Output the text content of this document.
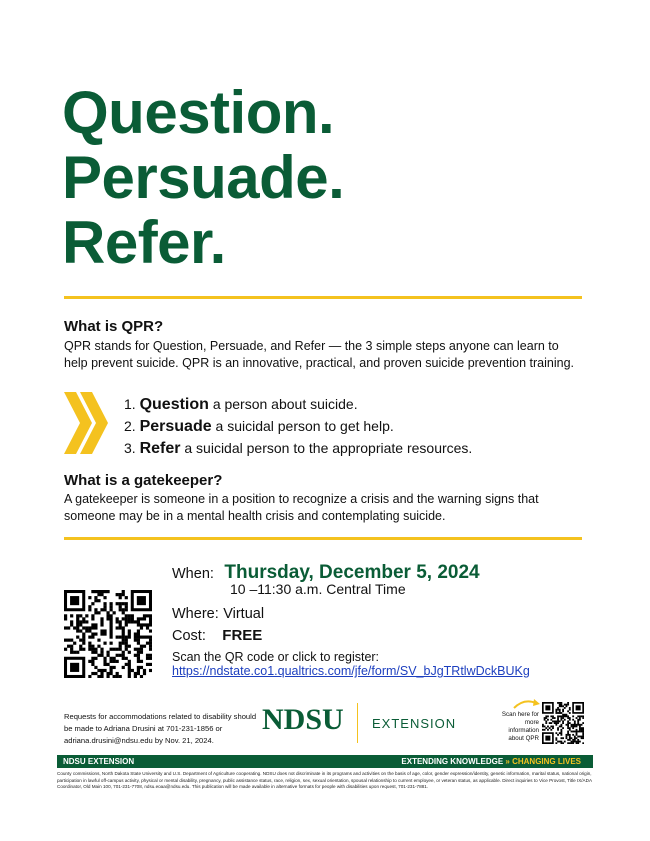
Question.
Persuade.
Refer.
What is QPR?

QPR stands for Question, Persuade, and Refer — the 3 simple steps anyone can learn to help prevent suicide. QPR is an innovative, practical, and proven suicide prevention training.

1. Question a person about suicide.
2. Persuade a suicidal person to get help.
3. Refer a suicidal person to the appropriate resources.
What is a gatekeeper?

A gatekeeper is someone in a position to recognize a crisis and the warning signs that someone may be in a mental health crisis and contemplating suicide.

When: Thursday, December 5, 2024
10 –11:30 a.m. Central Time
Where: Virtual
Cost: FREE
Scan the QR code or click to register:
https://ndstate.co1.qualtrics.com/jfe/form/SV_bJgTRtlwDckBUKg
Requests for accommodations related to disability should be made to Adriana Drusini at 701-231-1856 or adriana.drusini@ndsu.edu by Nov. 21, 2024.
NDSU EXTENSION
Scan here for more information about QPR
NDSU EXTENSION	EXTENDING KNOWLEDGE » CHANGING LIVES

County commissions, North Dakota State University and U.S. Department of Agriculture cooperating. NDSU does not discriminate in its programs and activities on the basis of age, color, gender expression/identity, genetic information, marital status, national origin, participation in lawful off-campus activity, physical or mental disability, pregnancy, public assistance status, race, religion, sex, sexual orientation, spousal relationship to current employee, or veteran status, as applicable. Direct inquiries to Vice Provost, Title IX/ADA Coordinator, Old Main 100, 701-231-7708, ndsu.eoaa@ndsu.edu. This publication will be made available in alternative formats for people with disabilities upon request, 701-231-7881.
